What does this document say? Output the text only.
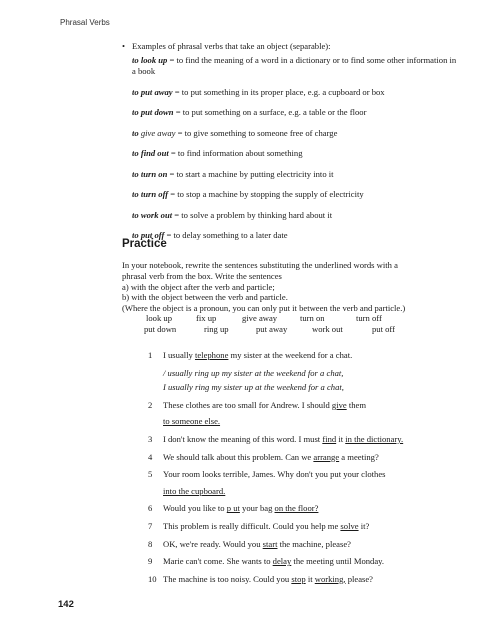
Phrasal Verbs
• Examples of phrasal verbs that take an object (separable):
to look up = to find the meaning of a word in a dictionary or to find some other information in a book
to put away = to put something in its proper place, e.g. a cupboard or box
to put down = to put something on a surface, e.g. a table or the floor
to give away = to give something to someone free of charge
to find out = to find information about something
to turn on = to start a machine by putting electricity into it
to turn off = to stop a machine by stopping the supply of electricity
to work out = to solve a problem by thinking hard about it
to put off = to delay something to a later date
Practice
In your notebook, rewrite the sentences substituting the underlined words with a
phrasal verb from the box. Write the sentences
a) with the object after the verb and particle;
b) with the object between the verb and particle.
(Where the object is a pronoun, you can only put it between the verb and particle.)
look up	fix up	give away	turn on	turn off
put down	ring up	put away	work out	put off
1 I usually telephone my sister at the weekend for a chat.
/ usually ring up my sister at the weekend for a chat,
I usually ring my sister up at the weekend for a chat,
2 These clothes are too small for Andrew. I should give them
to someone else.
3 I don't know the meaning of this word. I must find it in the dictionary.
4 We should talk about this problem. Can we arrange a meeting?
5 Your room looks terrible, James. Why don't you put your clothes
into the cupboard.
6 Would you like to p ut your bag on the floor?
7 This problem is really difficult. Could you help me solve it?
8 OK, we're ready. Would you start the machine, please?
9 Marie can't come. She wants to delay the meeting until Monday.
10 The machine is too noisy. Could you stop it working, please?
142
